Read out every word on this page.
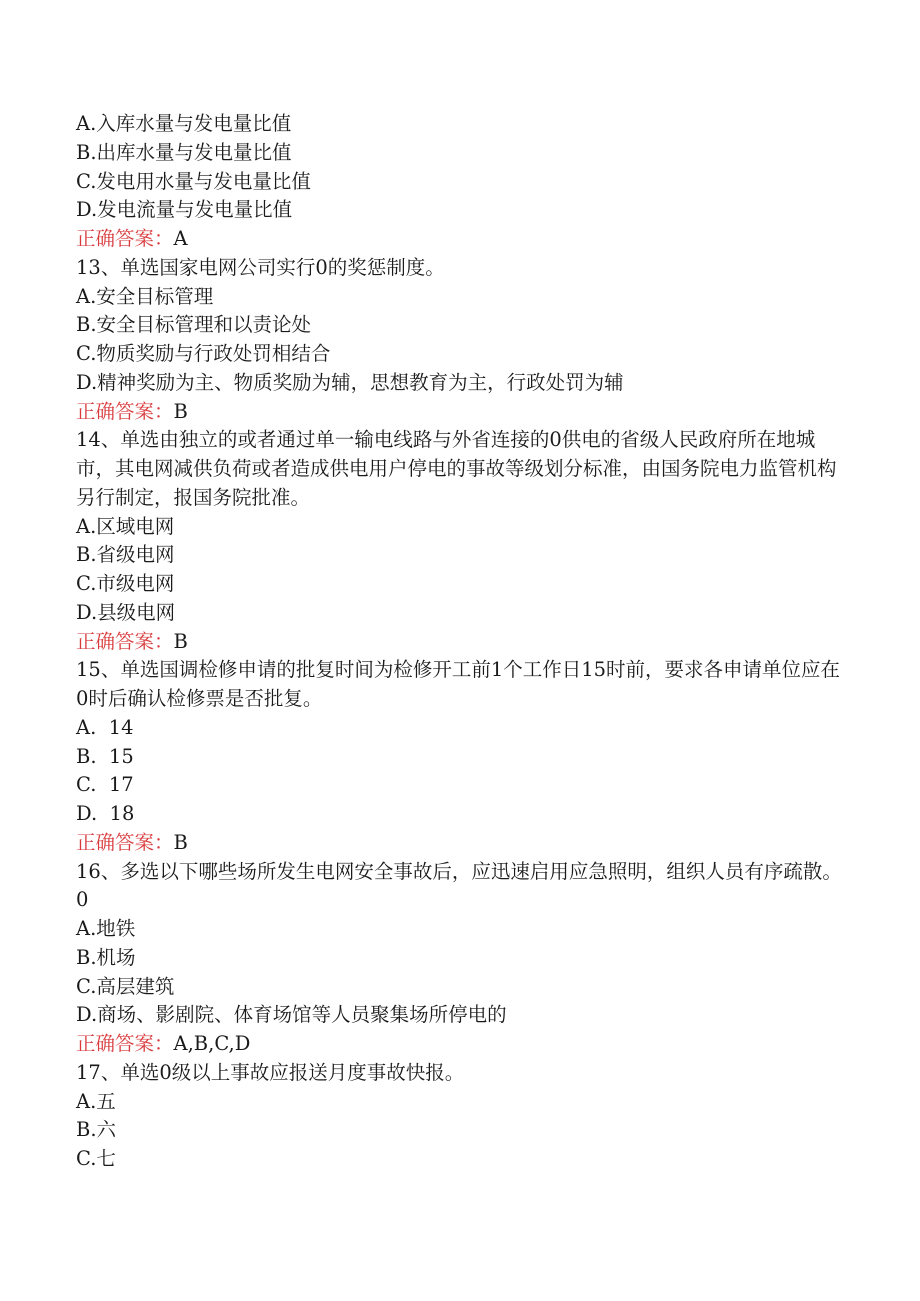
A.入库水量与发电量比值
B.出库水量与发电量比值
C.发电用水量与发电量比值
D.发电流量与发电量比值
正确答案：A
13、单选国家电网公司实行0的奖惩制度。
A.安全目标管理
B.安全目标管理和以责论处
C.物质奖励与行政处罚相结合
D.精神奖励为主、物质奖励为辅，思想教育为主，行政处罚为辅
正确答案：B
14、单选由独立的或者通过单一输电线路与外省连接的0供电的省级人民政府所在地城市，其电网减供负荷或者造成供电用户停电的事故等级划分标准，由国务院电力监管机构另行制定，报国务院批准。
A.区域电网
B.省级电网
C.市级电网
D.县级电网
正确答案：B
15、单选国调检修申请的批复时间为检修开工前1个工作日15时前，要求各申请单位应在0时后确认检修票是否批复。
A.  14
B.  15
C.  17
D.  18
正确答案：B
16、多选以下哪些场所发生电网安全事故后，应迅速启用应急照明，组织人员有序疏散。0
A.地铁
B.机场
C.高层建筑
D.商场、影剧院、体育场馆等人员聚集场所停电的
正确答案：A,B,C,D
17、单选0级以上事故应报送月度事故快报。
A.五
B.六
C.七
